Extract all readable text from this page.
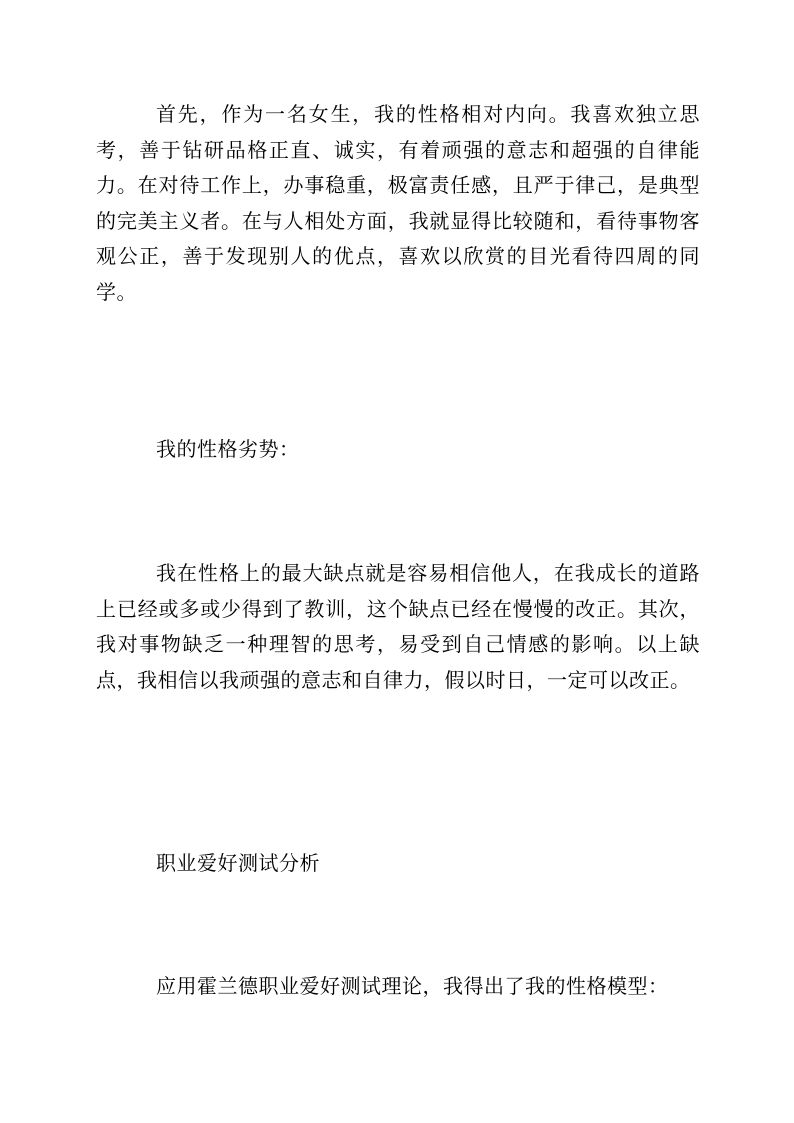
首先，作为一名女生，我的性格相对内向。我喜欢独立思考，善于钻研品格正直、诚实，有着顽强的意志和超强的自律能力。在对待工作上，办事稳重，极富责任感，且严于律己，是典型的完美主义者。在与人相处方面，我就显得比较随和，看待事物客观公正，善于发现别人的优点，喜欢以欣赏的目光看待四周的同学。

我的性格劣势：

我在性格上的最大缺点就是容易相信他人，在我成长的道路上已经或多或少得到了教训，这个缺点已经在慢慢的改正。其次，我对事物缺乏一种理智的思考，易受到自己情感的影响。以上缺点，我相信以我顽强的意志和自律力，假以时日，一定可以改正。

职业爱好测试分析

应用霍兰德职业爱好测试理论，我得出了我的性格模型：
